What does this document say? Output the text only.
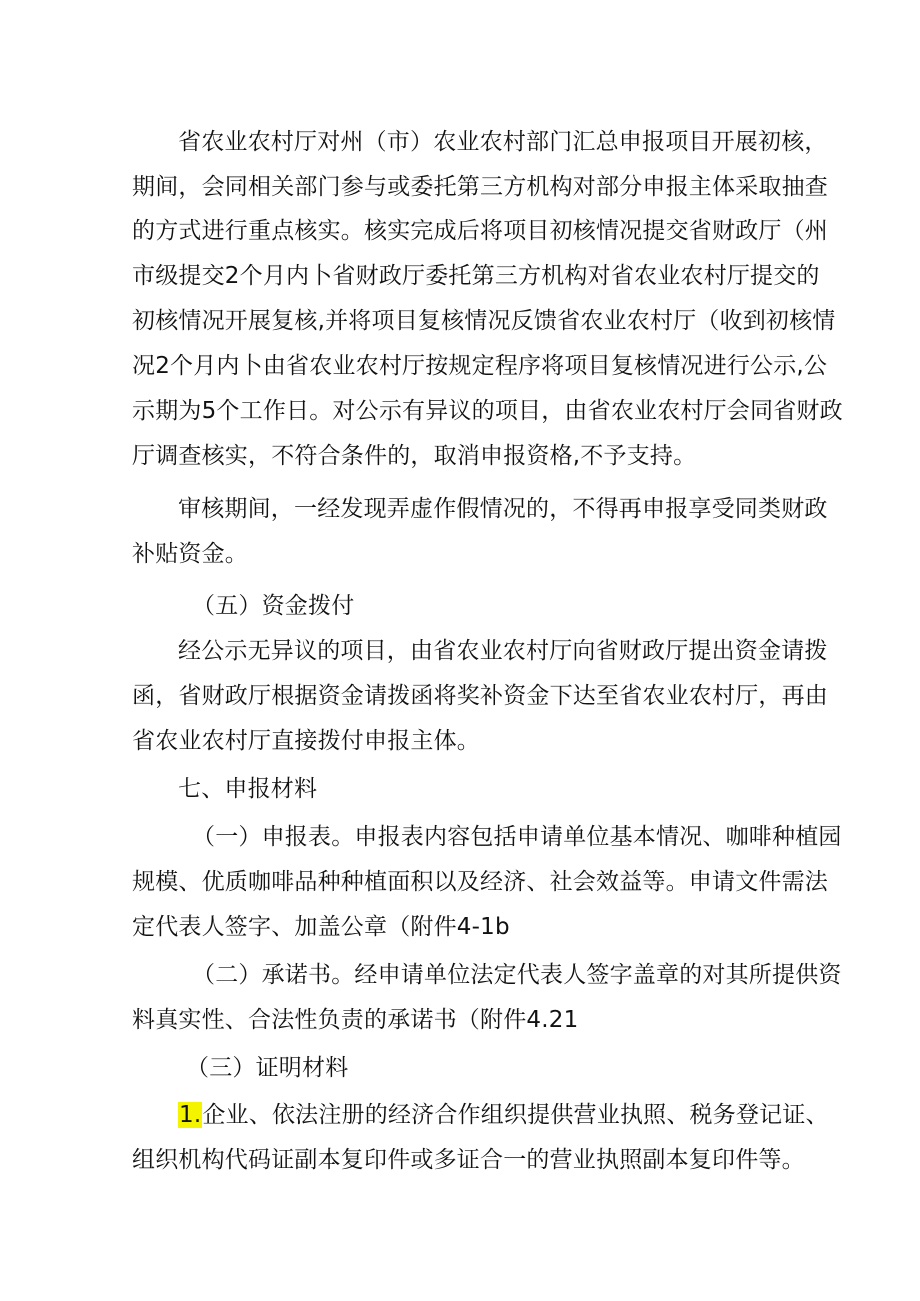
省农业农村厅对州（市）农业农村部门汇总申报项目开展初核，
期间，会同相关部门参与或委托第三方机构对部分申报主体采取抽查
的方式进行重点核实。核实完成后将项目初核情况提交省财政厅（州
市级提交2个月内卜省财政厅委托第三方机构对省农业农村厅提交的
初核情况开展复核,并将项目复核情况反馈省农业农村厅（收到初核情
况2个月内卜由省农业农村厅按规定程序将项目复核情况进行公示,公
示期为5个工作日。对公示有异议的项目，由省农业农村厅会同省财政
厅调查核实，不符合条件的，取消申报资格,不予支持。
审核期间，一经发现弄虚作假情况的，不得再申报享受同类财政
补贴资金。
（五）资金拨付
经公示无异议的项目，由省农业农村厅向省财政厅提出资金请拨
函，省财政厅根据资金请拨函将奖补资金下达至省农业农村厅，再由
省农业农村厅直接拨付申报主体。
七、申报材料
（一）申报表。申报表内容包括申请单位基本情况、咖啡种植园
规模、优质咖啡品种种植面积以及经济、社会效益等。申请文件需法
定代表人签字、加盖公章（附件4-1b
（二）承诺书。经申请单位法定代表人签字盖章的对其所提供资
料真实性、合法性负责的承诺书（附件4.21
（三）证明材料
1.企业、依法注册的经济合作组织提供营业执照、税务登记证、
组织机构代码证副本复印件或多证合一的营业执照副本复印件等。
